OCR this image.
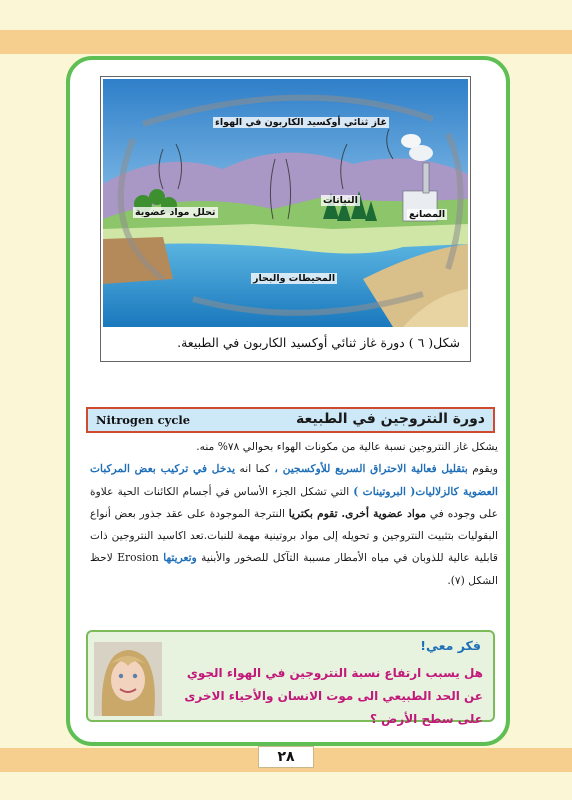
غاز ثنائي أوكسيد الكاربون في الهواء
تحلل مواد عضوية
النباتات
المصانع
المحيطات والبحار
شكل( ٦ ) دورة غاز ثنائي أوكسيد الكاربون في الطبيعة.
دورة النتروجين في الطبيعة
Nitrogen cycle
يشكل غاز النتروجين نسبة عالية من مكونات الهواء بحوالي ٧٨% منه.
ويقوم بتقليل فعالية الاحتراق السريع للأوكسجين ، كما انه يدخل في تركيب بعض المركبات العضوية كالزلاليات( البروتينات ) التي تشكل الجزء الأساس في أجسام الكائنات الحية علاوة على وجوده في مواد عضوية أخرى. تقوم بكتريا النترجة الموجودة على عقد جذور بعض أنواع البقوليات بتثبيت النتروجين و تحويله إلى مواد بروتينية مهمة للنبات.تعد اكاسيد النتروجين ذات قابلية عالية للذوبان في مياه الأمطار مسببة التآكل للصخور والأبنية وتعريتها Erosion لاحظ الشكل (٧).
فكر معي!
هل يسبب ارتفاع نسبة النتروجين في الهواء الجوي عن الحد الطبيعي الى موت الانسان والأحياء الاخرى على سطح الأرض ؟
٢٨
